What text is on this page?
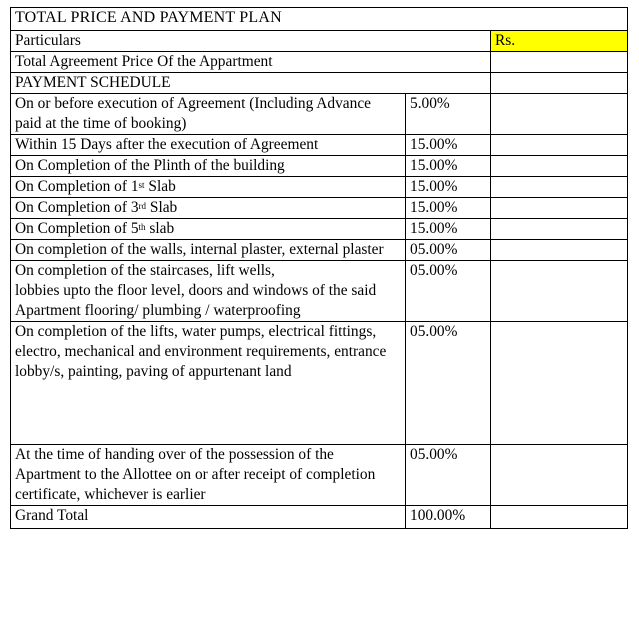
TOTAL PRICE AND PAYMENT PLAN		
Particulars		Rs.
Total Agreement Price Of the Appartment		
PAYMENT SCHEDULE		
On or before execution of Agreement (Including Advance paid at the time of booking)	5.00%	
Within 15 Days after the execution of Agreement	15.00%	
On Completion of the Plinth of the building	15.00%	
On Completion of 1st Slab	15.00%	
On Completion of 3rd Slab	15.00%	
On Completion of 5th slab	15.00%	
On completion of the walls, internal plaster, external plaster	05.00%	

On completion of the staircases, lift wells,
lobbies upto the floor level, doors and windows of the said
Apartment flooring/ plumbing / waterproofing	05.00%	

On completion of the lifts, water pumps, electrical fittings,
electro, mechanical and environment requirements, entrance lobby/s, painting, paving of appurtenant land	05.00%	

At the time of handing over of the possession of the Apartment to the Allottee on or after receipt of completion
certificate, whichever is earlier	05.00%	
Grand Total	100.00%	
